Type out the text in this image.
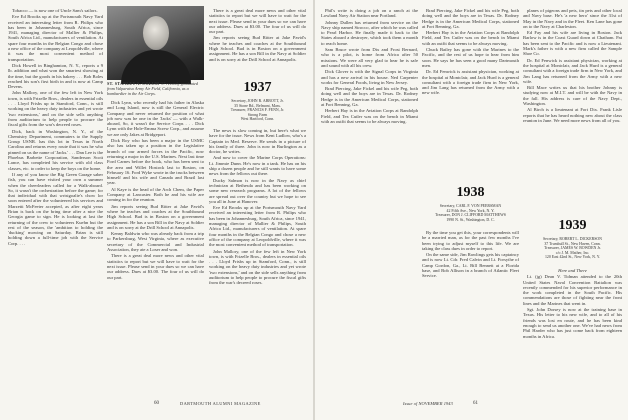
Tobacco — is now one of Uncle Sam's sailors.

Eve Ed Brooks up at the Portsmouth Navy Yard received an interesting letter from R. Philips who has been in Johannesburg, South Africa, since 1941, managing director of Mallier & Philips, South Africa Ltd., manufacturers of ventilation. At spare four months in the Belgian Congo and chose a new office of the company at Leopoldville, where it was the most convenient method of transportation.

Dick Howell in Binghamton, N. Y., reports a 9 lb. addition and what won the smartest showing at the time, but the goods in his bakery . . . Bob Boles reached his son's first birth in and is now at Camp Devens.

John Mallory, one of the few left in New York town, is with Frizelle Bros., dealers in essential oils . . . Lloyd Frisbs up in Stamford, Conn., is still working on the heavy duty industries and yet wrote 'two extensions,' and on the side sells anything from auditorium to help people to procure the fiscal gifts from the war's decreed roses.

Dick, back in Washington, N. Y., of the Chemistry Department, commuters to the Supply Group USNR. has this lot in Texas in North Carolina and returns every route that it was he who pinned on us the name of 'Jacks.' . . . Dan Lee is the Phoebus Barbette Corporation, Sanderson Scott Lance, has completed his service with old class classes, etc. to order to keep the boys on the home.

If any of you know the Big Green Garage saber fish, you can have visited your own a summer when the cheerleaders called for a Walk-aboard. So, it wasn't the orchestration before the game; for that individual with that wristgoalie's chow lor soon entered after the volunteered his services and Marzetti McFeeter accepted, as after eight years Brian is back on the bring time after a nice the Georgia game to sign. He is looking at last the returning of the crew to volunteers Kuehn but the rest of the season, the 'ambition to holding the 'ducking' mowing on Saturday. Brian is still holding down a full-time job with the Service Corp. . . .

ST. STANLEY A. COLUM '37 recently graduated from Valparaiso Army Air Field, California, as a bombardier in the Air Corps.

Dick Lynn, who recently had his father in Alaska and Long Island, now is still the General Electric Company and never returned the position of what job now was he one in the 'Jacks' — with a Walk-aboard, So, it wasn't the Service Corps . . . Dick Lynn with the Hole-Emma Screw Corp., and assume we are only Jakes at Bridgeport.

Dick Roy who has been a major in the USMC also has taken up a position in the Legislative branch of our armed forces in the Pacific, now returning a major in the U.S. Marines. Next last time Ford Carnes before the book, who has been sent to the area and Willet Hostock last to Boston, on February 16. Ford Wyke wrote in the trucks between himself and his wife and Canada and Brazil last year.

Al Kaye is the head of the Arch Chem, the Paper Company at Lancaster. Both he and his wife are coming in for the reunion.

Jim reports seeing Bud Ritter at Jake Pavid's where he teaches and coaches at the Southbound High School. Bud is in Boston on a government assignment. He has a son Bill in the Navy at Soldier and is on sorry at the Drill School at Annapolis.

Kenny Baldwin who was already back from a trip to Parkersburg, West Virginia, where as executive secretary of the Commercial and Industrial Association, they ate a Loser and won.

There is a great deal more news and other vital statistics to report but we will have to wait for the next issue. Please send in your dues so we can have our address. Dues at $3.00. The four of us will do our part.

There is a great deal more news and other vital statistics to report but we will have to wait for the next issue. Please send in your dues so we can have our address. Dues at $3.00. The four of us will do our part.

Jim reports seeing Bud Ritter at Jake Pavid's where he teaches and coaches at the Southbound High School. Bud is in Boston on a government assignment. He has a son Bill in the Navy at Soldier and is on sorry at the Drill School at Annapolis.

1937
Secretary, JOHN R. ABBOTT, Jr.
35 Stone Rd., Belmont, Mass.
Treasurer, FRANCIS F. FENN, Jr.
Strong Farm
West Hartford, Conn.

The news is slow coming in, but here's what we have for the issue. News from Kent Ludlow, who's a Captain in Med. Reserve. He sends in a picture of his family of three. John is now in Burlington as a doctor, he writes.

And now to cover the Marine Corps Operations: Lt. Jimmie Dunn. He's now in a tank. He has on his ship a dozen people and he still wants to have some news from the fellows out there.

Ducky Salmon is now in the Navy as chief technician at Bethesda and has been working on some new research programs. A lot of the fellows are spread out over the country but we hope to see you all in June at Hanover.

Eve Ed Brooks up at the Portsmouth Navy Yard received an interesting letter from R. Philips who has been in Johannesburg, South Africa, since 1941, managing director of Mallier & Philips, South Africa Ltd., manufacturers of ventilation. At spare four months in the Belgian Congo and chose a new office of the company at Leopoldville, where it was the most convenient method of transportation.

John Mallory, one of the few left in New York town, is with Frizelle Bros., dealers in essential oils . . . Lloyd Frisbs up in Stamford, Conn., is still working on the heavy duty industries and yet wrote 'two extensions,' and on the side sells anything from auditorium to help people to procure the fiscal gifts from the war's decreed roses.

60	DARTMOUTH ALUMNI MAGAZINE

Phil's write is doing a job on a ranch at the Lowland Navy Air Station near Portland.

Johnny Dullen has returned from service on the Navy ship named Sirocco, after which he was called to Pearl Harbor. He finally made it back to the States aboard a destroyer, which took them a month to reach home.

Sam Bruce wrote from Dix and Frost Bernard, who is a pilot, is home from Africa after 50 missions. We were all very glad to hear he is safe and sound with all his crew.

Dick Glover is with the Signal Corps in Virginia and has a new arrival in his house. Ned Carpenter works for General Foods, living in New Jersey.

Brad Piercing, Jake Fickel and his wife Peg, both doing well and the boys are in Texas. Dr. Rodney Hedge is in the American Medical Corps, stationed at Fort Benning, Ga.

Herbert Hay is in the Aviation Corps at Randolph Field, and Tex Cutler was on the bench in Miami with an outfit that seems to be always moving.

Brad Piercing, Jake Fickel and his wife Peg, both doing well and the boys are in Texas. Dr. Rodney Hedge is in the American Medical Corps, stationed at Fort Benning, Ga.

Herbert Hay is in the Aviation Corps at Randolph Field, and Tex Cutler was on the bench in Miami with an outfit that seems to be always moving.

Chuck Bailey has gone with the Marines to the Pacific, and the rest of us hope to hear from him soon. He says he has seen a good many Dartmouth men.

Dr. Ed Fenwick is assistant physician, working at the hospital at Montclair, and Jack Hurd is a general consultant with a foreign trade firm in New York, and Jim Lang has returned from the Army with a new wife.

1938
Secretary, CARL F. VON PEERSMAN
42 Fifth Ave., New York, N. Y.
Treasurer, DON J. CLIFFORD MATTHEWS
1990 N. St., Washington, D. C.

By the time you get this, your correspondents will be a married man, as for the past few months I've been trying to adjust myself to this life. We are taking the class dues in order to report.

On the same side, Jim Rawlings gets his captaincy and is now Lt. Cdr. Fred Calvin and Lt. Forsythe of Camp Gordon, Ga., Lt. Bill Bennett at a Florida base, and Bob Allison in a branch of Atlantic Fleet Service.

planes of pigeons and pets, tin pets and other local and Navy base. He's 'a new hero' since the 31st of May in the Navy and in the Fleet. Ken Lane has gone on to the Navy at Charleston.

Ed Fay and his wife are living in Boston. Jack Barlow is in the Coast Guard down at Chatham. Pat has been sent to the Pacific and is now a Lieutenant. Mark's father is with a new firm called the Sample Shoe Co.

Dr. Ed Fenwick is assistant physician, working at the hospital at Montclair, and Jack Hurd is a general consultant with a foreign trade firm in New York, and Jim Lang has returned from the Army with a new wife.

Bill Mace writes us that his brother Johnny is studying now at M.I.T. and will be with the Navy in the fall. His address is care of the Navy Dept., Washington.

Al Birch is a lieutenant at Fort Dix. Frank Lisle reports that he has heard nothing new about the class reunion in June. We need more news from all of you.

1939
Secretary, ROBERT L. DICKERSON
37 Trumbull St., New Haven, Conn.
Treasurer, JAMES W. BOWDEN Jr.
c/o J. M. Mather, Inc.
120 East 42nd St., New York, N. Y.

Here and There

Lt. (jg) Dean V. Tidman attended to the 20th United States Naval Convention Battalion was recently commended for his superior performance in the work completed in the South Pacific. His commendations are those of fighting near the front lines and the Marines that went in.

Sgt. John Dorsey is now at the training base in Texas. His letter to his new wife, and to all of his friends was lost en route, and he has been kind enough to send us another one. We've had news from Phil Harder who has just come back from eighteen months in Africa.

Issue of NOVEMBER 1943	61
